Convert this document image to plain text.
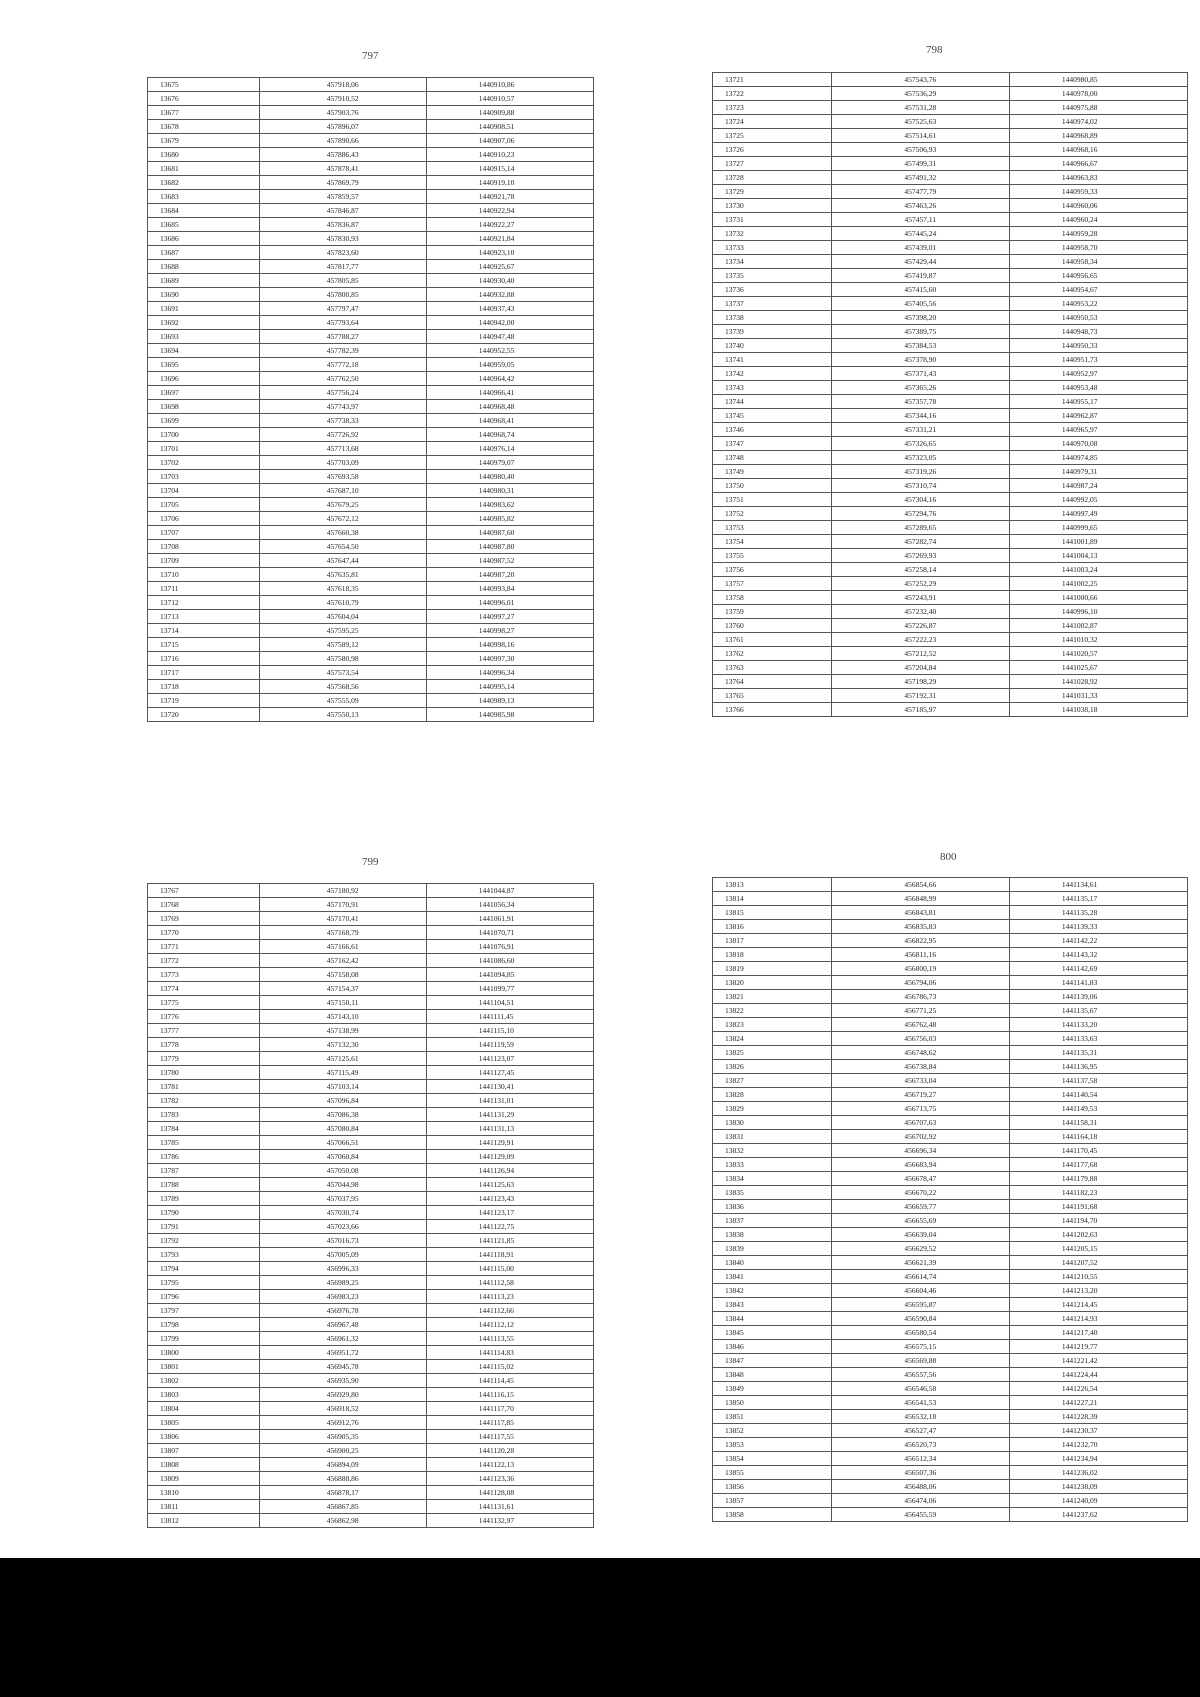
797
13675	457918,06	1440910,86
13676	457910,52	1440910,57
13677	457903,76	1440909,88
13678	457896,07	1440908,51
13679	457890,66	1440907,06
13680	457886,43	1440910,23
13681	457878,41	1440915,14
13682	457869,79	1440919,10
13683	457859,57	1440921,78
13684	457846,87	1440922,94
13685	457836,87	1440922,27
13686	457830,93	1440921,84
13687	457823,60	1440923,10
13688	457817,77	1440925,67
13689	457805,85	1440930,40
13690	457800,85	1440932,88
13691	457797,47	1440937,43
13692	457793,64	1440942,00
13693	457788,27	1440947,48
13694	457782,39	1440952,55
13695	457772,18	1440959,05
13696	457762,50	1440964,42
13697	457756,24	1440966,41
13698	457743,97	1440968,48
13699	457738,33	1440968,41
13700	457726,92	1440968,74
13701	457713,68	1440976,14
13702	457703,09	1440979,07
13703	457693,58	1440980,40
13704	457687,10	1440980,31
13705	457679,25	1440983,62
13706	457672,12	1440985,82
13707	457660,38	1440987,60
13708	457654,50	1440987,80
13709	457647,44	1440987,52
13710	457635,81	1440987,20
13711	457618,35	1440993,84
13712	457610,79	1440996,01
13713	457604,04	1440997,27
13714	457595,25	1440998,27
13715	457589,12	1440998,16
13716	457580,98	1440997,30
13717	457573,54	1440996,34
13718	457568,56	1440995,14
13719	457555,09	1440989,13
13720	457550,13	1440985,98
798
13721	457543,76	1440980,85
13722	457536,29	1440978,00
13723	457531,28	1440975,88
13724	457525,63	1440974,02
13725	457514,61	1440968,89
13726	457506,93	1440968,16
13727	457499,31	1440966,67
13728	457491,32	1440963,83
13729	457477,79	1440959,33
13730	457463,26	1440960,06
13731	457457,11	1440960,24
13732	457445,24	1440959,28
13733	457439,01	1440958,70
13734	457429,44	1440958,34
13735	457419,87	1440956,65
13736	457415,60	1440954,67
13737	457405,56	1440953,22
13738	457398,20	1440950,53
13739	457389,75	1440948,73
13740	457384,53	1440950,33
13741	457378,90	1440951,73
13742	457371,43	1440952,97
13743	457365,26	1440953,48
13744	457357,78	1440955,17
13745	457344,16	1440962,87
13746	457331,21	1440965,97
13747	457326,65	1440970,08
13748	457323,05	1440974,85
13749	457319,26	1440979,31
13750	457310,74	1440987,24
13751	457304,16	1440992,05
13752	457294,76	1440997,49
13753	457289,65	1440999,65
13754	457282,74	1441001,89
13755	457269,93	1441004,13
13756	457258,14	1441003,24
13757	457252,29	1441002,25
13758	457243,91	1441000,66
13759	457232,40	1440996,10
13760	457226,87	1441002,87
13761	457222,23	1441010,32
13762	457212,52	1441020,57
13763	457204,84	1441025,67
13764	457198,29	1441028,92
13765	457192,31	1441031,33
13766	457185,97	1441038,18
799
13767	457180,92	1441044,87
13768	457170,91	1441056,34
13769	457170,41	1441061,91
13770	457168,79	1441070,71
13771	457166,61	1441076,91
13772	457162,42	1441086,60
13773	457158,08	1441094,85
13774	457154,37	1441099,77
13775	457150,11	1441104,51
13776	457143,10	1441111,45
13777	457138,99	1441115,10
13778	457132,30	1441119,59
13779	457125,61	1441123,07
13780	457115,49	1441127,45
13781	457103,14	1441130,41
13782	457096,84	1441131,01
13783	457086,38	1441131,29
13784	457080,84	1441131,13
13785	457066,51	1441129,91
13786	457060,84	1441129,09
13787	457050,08	1441126,94
13788	457044,98	1441125,63
13789	457037,95	1441123,43
13790	457030,74	1441123,17
13791	457023,66	1441122,75
13792	457016,73	1441121,85
13793	457005,09	1441118,91
13794	456996,33	1441115,00
13795	456989,25	1441112,58
13796	456983,23	1441113,23
13797	456976,78	1441112,66
13798	456967,48	1441112,12
13799	456961,32	1441113,55
13800	456951,72	1441114,83
13801	456945,78	1441115,02
13802	456935,90	1441114,45
13803	456929,80	1441116,15
13804	456918,52	1441117,70
13805	456912,76	1441117,85
13806	456905,35	1441117,55
13807	456900,25	1441120,28
13808	456894,09	1441122,13
13809	456888,86	1441123,36
13810	456878,17	1441128,08
13811	456867,85	1441131,61
13812	456862,98	1441132,97
800
13813	456854,66	1441134,61
13814	456848,99	1441135,17
13815	456843,81	1441135,28
13816	456835,83	1441139,33
13817	456822,95	1441142,22
13818	456811,16	1441143,32
13819	456800,19	1441142,69
13820	456794,06	1441141,83
13821	456786,73	1441139,06
13822	456771,25	1441135,67
13823	456762,48	1441133,20
13824	456756,03	1441133,63
13825	456748,62	1441135,31
13826	456738,84	1441136,95
13827	456733,04	1441137,58
13828	456719,27	1441140,54
13829	456713,75	1441149,53
13830	456707,63	1441158,31
13831	456702,92	1441164,18
13832	456696,34	1441170,45
13833	456683,94	1441177,68
13834	456678,47	1441179,88
13835	456670,22	1441182,23
13836	456659,77	1441191,68
13837	456655,69	1441194,70
13838	456639,04	1441202,63
13839	456629,52	1441205,15
13840	456621,39	1441207,52
13841	456614,74	1441210,55
13842	456604,46	1441213,20
13843	456595,87	1441214,45
13844	456590,84	1441214,93
13845	456580,54	1441217,40
13846	456575,15	1441219,77
13847	456569,88	1441221,42
13848	456557,56	1441224,44
13849	456546,58	1441226,54
13850	456541,53	1441227,21
13851	456532,18	1441228,39
13852	456527,47	1441230,37
13853	456520,73	1441232,70
13854	456512,34	1441234,94
13855	456507,36	1441236,02
13856	456488,06	1441238,09
13857	456474,06	1441240,09
13858	456455,59	1441237,62
